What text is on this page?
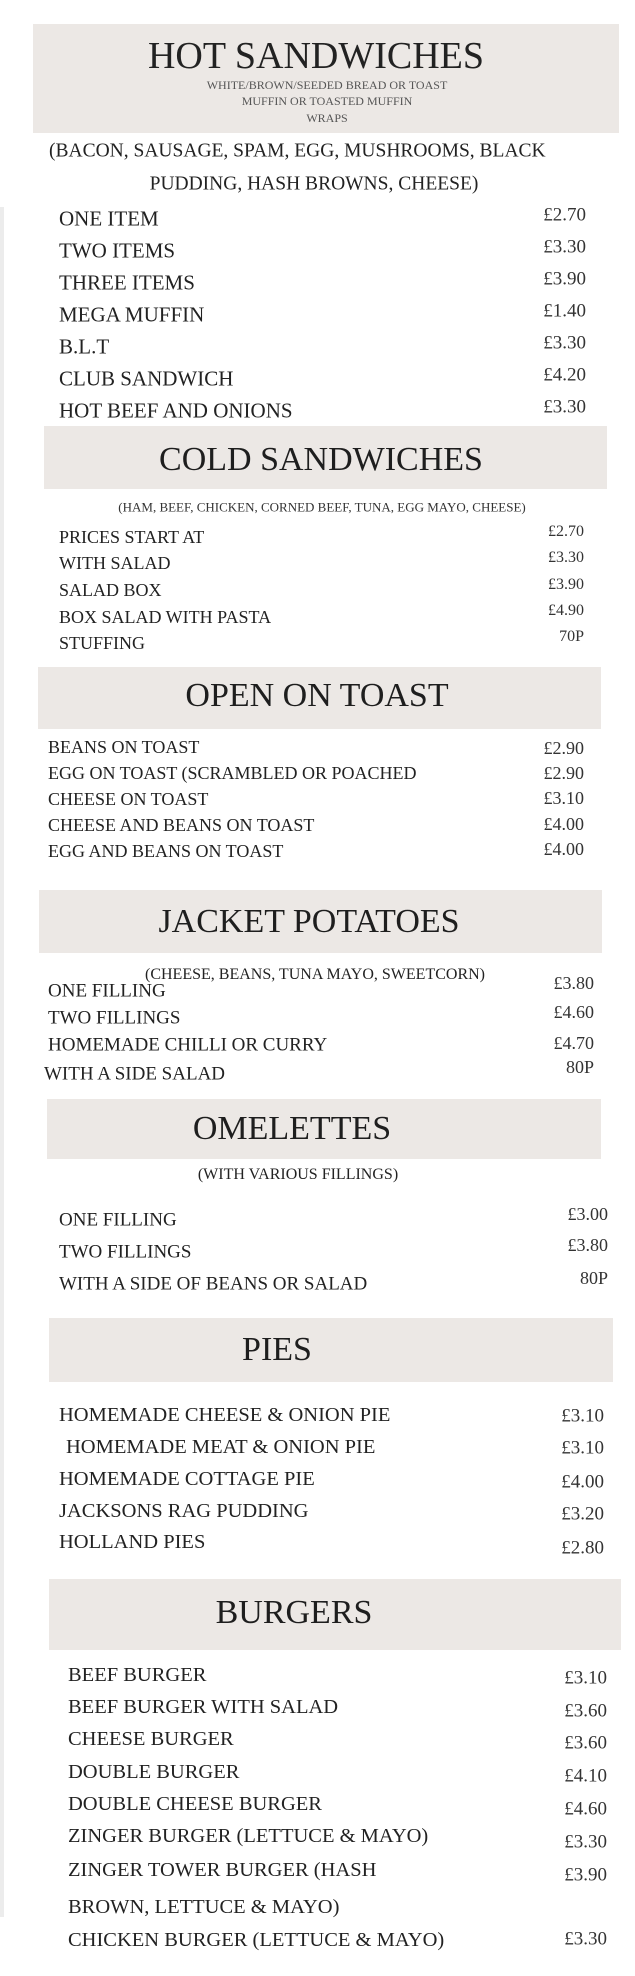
HOT SANDWICHES
WHITE/BROWN/SEEDED BREAD OR TOAST
MUFFIN OR TOASTED MUFFIN
WRAPS
(BACON, SAUSAGE, SPAM, EGG, MUSHROOMS, BLACK
PUDDING, HASH BROWNS, CHEESE)
ONE ITEM
TWO ITEMS
THREE ITEMS
MEGA MUFFIN
B.L.T
CLUB SANDWICH
HOT BEEF AND ONIONS
£2.70
£3.30
£3.90
£1.40
£3.30
£4.20
£3.30
COLD SANDWICHES
(HAM, BEEF, CHICKEN, CORNED BEEF, TUNA, EGG MAYO, CHEESE)
PRICES START AT
WITH SALAD
SALAD BOX
BOX SALAD WITH PASTA
STUFFING
£2.70
£3.30
£3.90
£4.90
70P
OPEN ON TOAST
BEANS ON TOAST
EGG ON TOAST (SCRAMBLED OR POACHED
CHEESE ON TOAST
CHEESE AND BEANS ON TOAST
EGG AND BEANS ON TOAST
£2.90
£2.90
£3.10
£4.00
£4.00
JACKET POTATOES
(CHEESE, BEANS, TUNA MAYO, SWEETCORN)
ONE FILLING
TWO FILLINGS
HOMEMADE CHILLI OR CURRY
WITH A SIDE SALAD
£3.80
£4.60
£4.70
80P
OMELETTES
(WITH VARIOUS FILLINGS)
ONE FILLING
TWO FILLINGS
WITH A SIDE OF BEANS OR SALAD
£3.00
£3.80
80P
PIES
HOMEMADE CHEESE & ONION PIE
HOMEMADE MEAT & ONION PIE
HOMEMADE COTTAGE PIE
JACKSONS RAG PUDDING
HOLLAND PIES
£3.10
£3.10
£4.00
£3.20
£2.80
BURGERS
BEEF BURGER
BEEF BURGER WITH SALAD
CHEESE BURGER
DOUBLE BURGER
DOUBLE CHEESE BURGER
ZINGER BURGER (LETTUCE & MAYO)
ZINGER TOWER BURGER (HASH
BROWN, LETTUCE & MAYO)
CHICKEN BURGER (LETTUCE & MAYO)
£3.10
£3.60
£3.60
£4.10
£4.60
£3.30
£3.90
£3.30
